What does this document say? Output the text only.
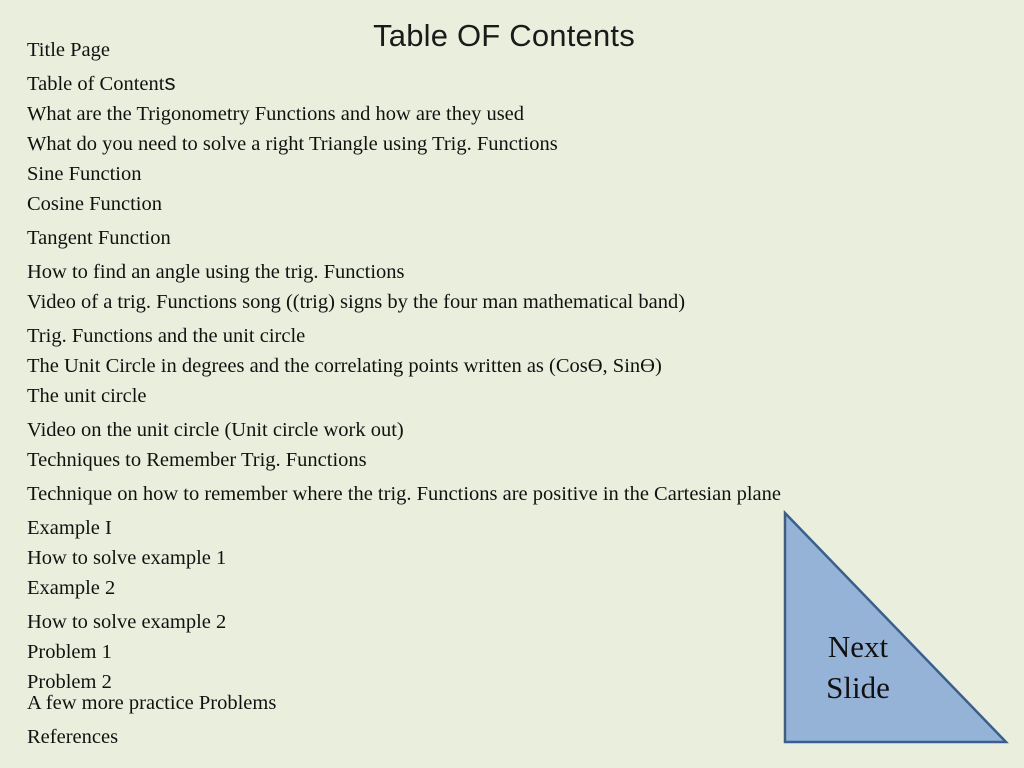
Table OF Contents
Title Page
Table of Contents
What are the Trigonometry Functions and how are they used
What do you need to solve a right Triangle using Trig. Functions
Sine Function
Cosine Function
Tangent Function
How to find an angle using the trig. Functions
Video of a trig. Functions song ((trig) signs by the four man mathematical band)
Trig. Functions and the unit circle
The Unit Circle in degrees and the correlating points written as (Cosϴ, Sinϴ)
The unit circle
Video on the unit circle (Unit circle work out)
Techniques to Remember Trig. Functions
Technique on how to remember where the trig. Functions are positive in the Cartesian plane
Example I
How to solve example 1
Example 2
How to solve example 2
Problem 1
Problem 2
A few more practice Problems
References
Next
Slide
